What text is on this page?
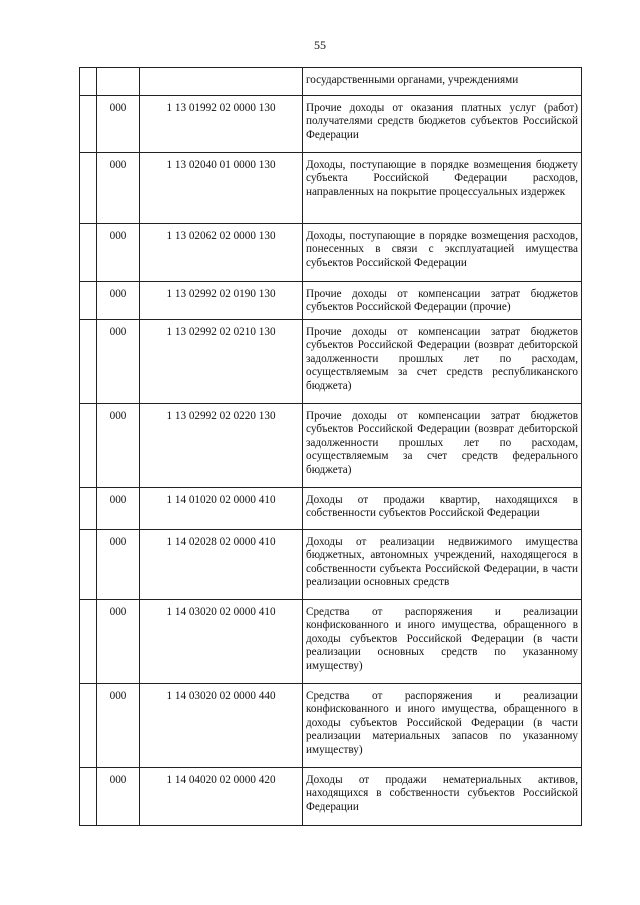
55

			государственными органами, учреждениями

	000	1 13 01992 02 0000 130	Прочие доходы от оказания платных услуг (работ) получателями средств бюджетов субъектов Российской Федерации

	000	1 13 02040 01 0000 130	Доходы, поступающие в порядке возмещения бюджету субъекта Российской Федерации расходов, направленных на покрытие процессуальных издержек

	000	1 13 02062 02 0000 130	Доходы, поступающие в порядке возмещения расходов, понесенных в связи с эксплуатацией имущества субъектов Российской Федерации

	000	1 13 02992 02 0190 130	Прочие доходы от компенсации затрат бюджетов субъектов Российской Федерации (прочие)

	000	1 13 02992 02 0210 130	Прочие доходы от компенсации затрат бюджетов субъектов Российской Федерации (возврат дебиторской задолженности прошлых лет по расходам, осуществляемым за счет средств республиканского бюджета)

	000	1 13 02992 02 0220 130	Прочие доходы от компенсации затрат бюджетов субъектов Российской Федерации (возврат дебиторской задолженности прошлых лет по расходам, осуществляемым за счет средств федерального бюджета)

	000	1 14 01020 02 0000 410	Доходы от продажи квартир, находящихся в собственности субъектов Российской Федерации

	000	1 14 02028 02 0000 410	Доходы от реализации недвижимого имущества бюджетных, автономных учреждений, находящегося в собственности субъекта Российской Федерации, в части реализации основных средств

	000	1 14 03020 02 0000 410	Средства от распоряжения и реализации конфискованного и иного имущества, обращенного в доходы субъектов Российской Федерации (в части реализации основных средств по указанному имуществу)

	000	1 14 03020 02 0000 440	Средства от распоряжения и реализации конфискованного и иного имущества, обращенного в доходы субъектов Российской Федерации (в части реализации материальных запасов по указанному имуществу)

	000	1 14 04020 02 0000 420	Доходы от продажи нематериальных активов, находящихся в собственности субъектов Российской Федерации
